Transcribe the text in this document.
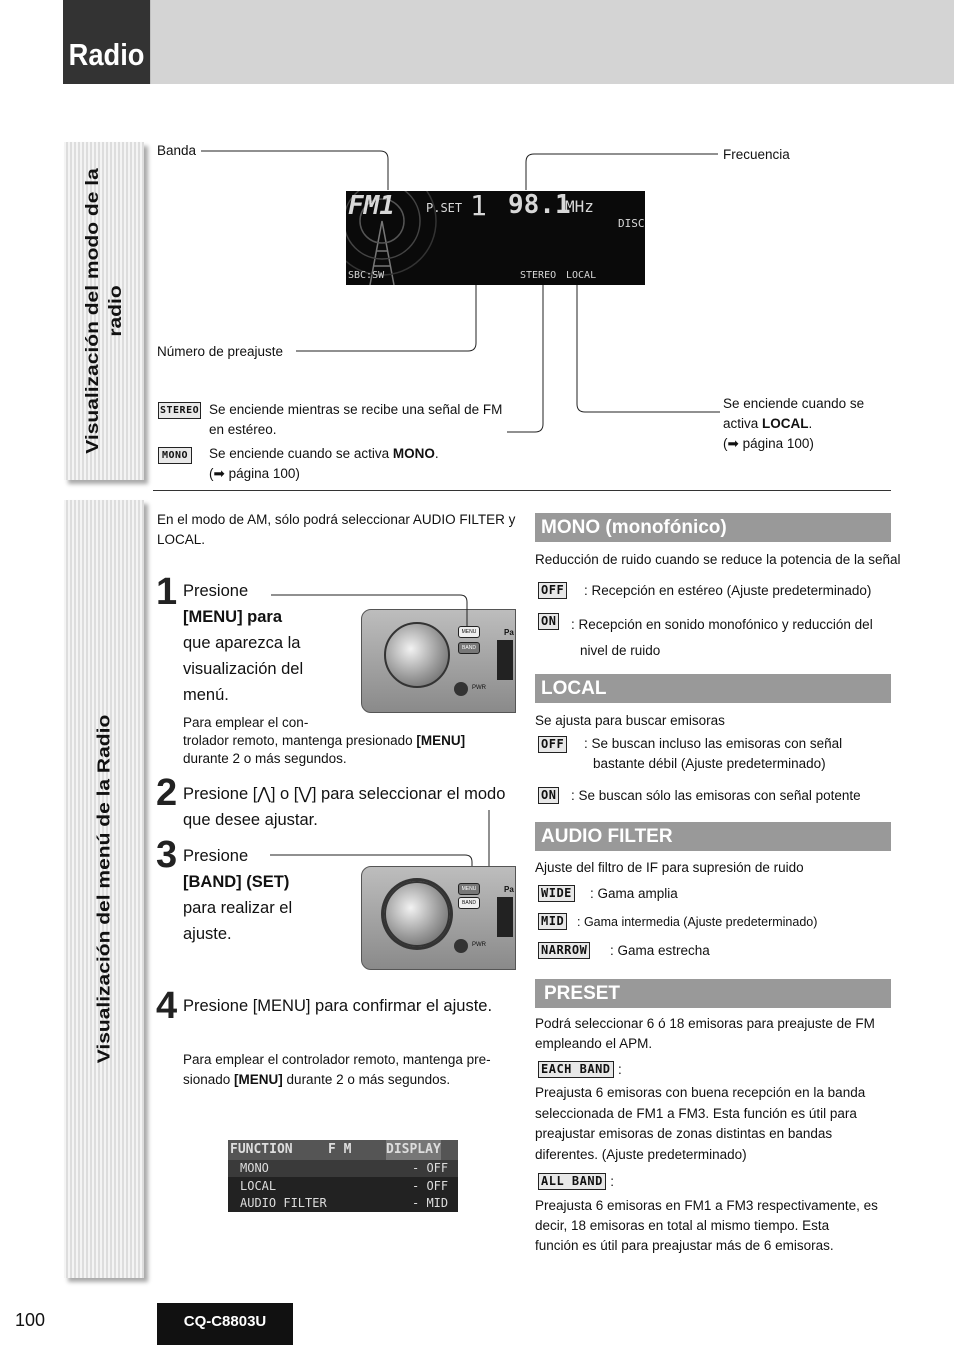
Radio
Visualización del modo de la radio
Visualización del menú de la Radio
Banda	Frecuencia
Número de preajuste
FM1	P.SET 1 98.1
MHz
DISC
SBC:SW	STEREO LOCAL
STEREO Se enciende mientras se recibe una señal de FM
en estéreo.
MONO Se enciende cuando se activa MONO.
(➡ página 100)
Se enciende cuando se
activa LOCAL.
(➡ página 100)
En el modo de AM, sólo podrá seleccionar AUDIO FILTER y LOCAL.
1 Presione
[MENU] para
que aparezca la
visualización del
menú.
Para emplear el con-
trolador remoto, mantenga presionado [MENU]
durante 2 o más segundos.
MENU
BAND
PWR
Pa
2 Presione [⋀] o [⋁] para seleccionar el modo que desee ajustar.
3 Presione
[BAND] (SET)
para realizar el
ajuste.
MENU
BAND
PWR
Pa
4 Presione [MENU] para confirmar el ajuste.
Para emplear el controlador remoto, mantenga pre-
sionado [MENU] durante 2 o más segundos.
FUNCTION	F M	DISPLAY
MONO	- OFF
LOCAL	- OFF
AUDIO FILTER	- MID
MONO (monofónico)
Reducción de ruido cuando se reduce la potencia de la señal
OFF : Recepción en estéreo (Ajuste predeterminado)
ON : Recepción en sonido monofónico y reducción del
nivel de ruido
LOCAL
Se ajusta para buscar emisoras
OFF : Se buscan incluso las emisoras con señal
bastante débil (Ajuste predeterminado)
ON : Se buscan sólo las emisoras con señal potente
AUDIO FILTER
Ajuste del filtro de IF para supresión de ruido
WIDE : Gama amplia
MID : Gama intermedia (Ajuste predeterminado)
NARROW : Gama estrecha
PRESET
Podrá seleccionar 6 ó 18 emisoras para preajuste de FM
empleando el APM.
EACH BAND :
Preajusta 6 emisoras con buena recepción en la banda
seleccionada de FM1 a FM3. Esta función es útil para
preajustar emisoras de zonas distintas en bandas
diferentes. (Ajuste predeterminado)
ALL BAND :
Preajusta 6 emisoras en FM1 a FM3 respectivamente, es
decir, 18 emisoras en total al mismo tiempo. Esta
función es útil para preajustar más de 6 emisoras.
100	CQ-C8803U
